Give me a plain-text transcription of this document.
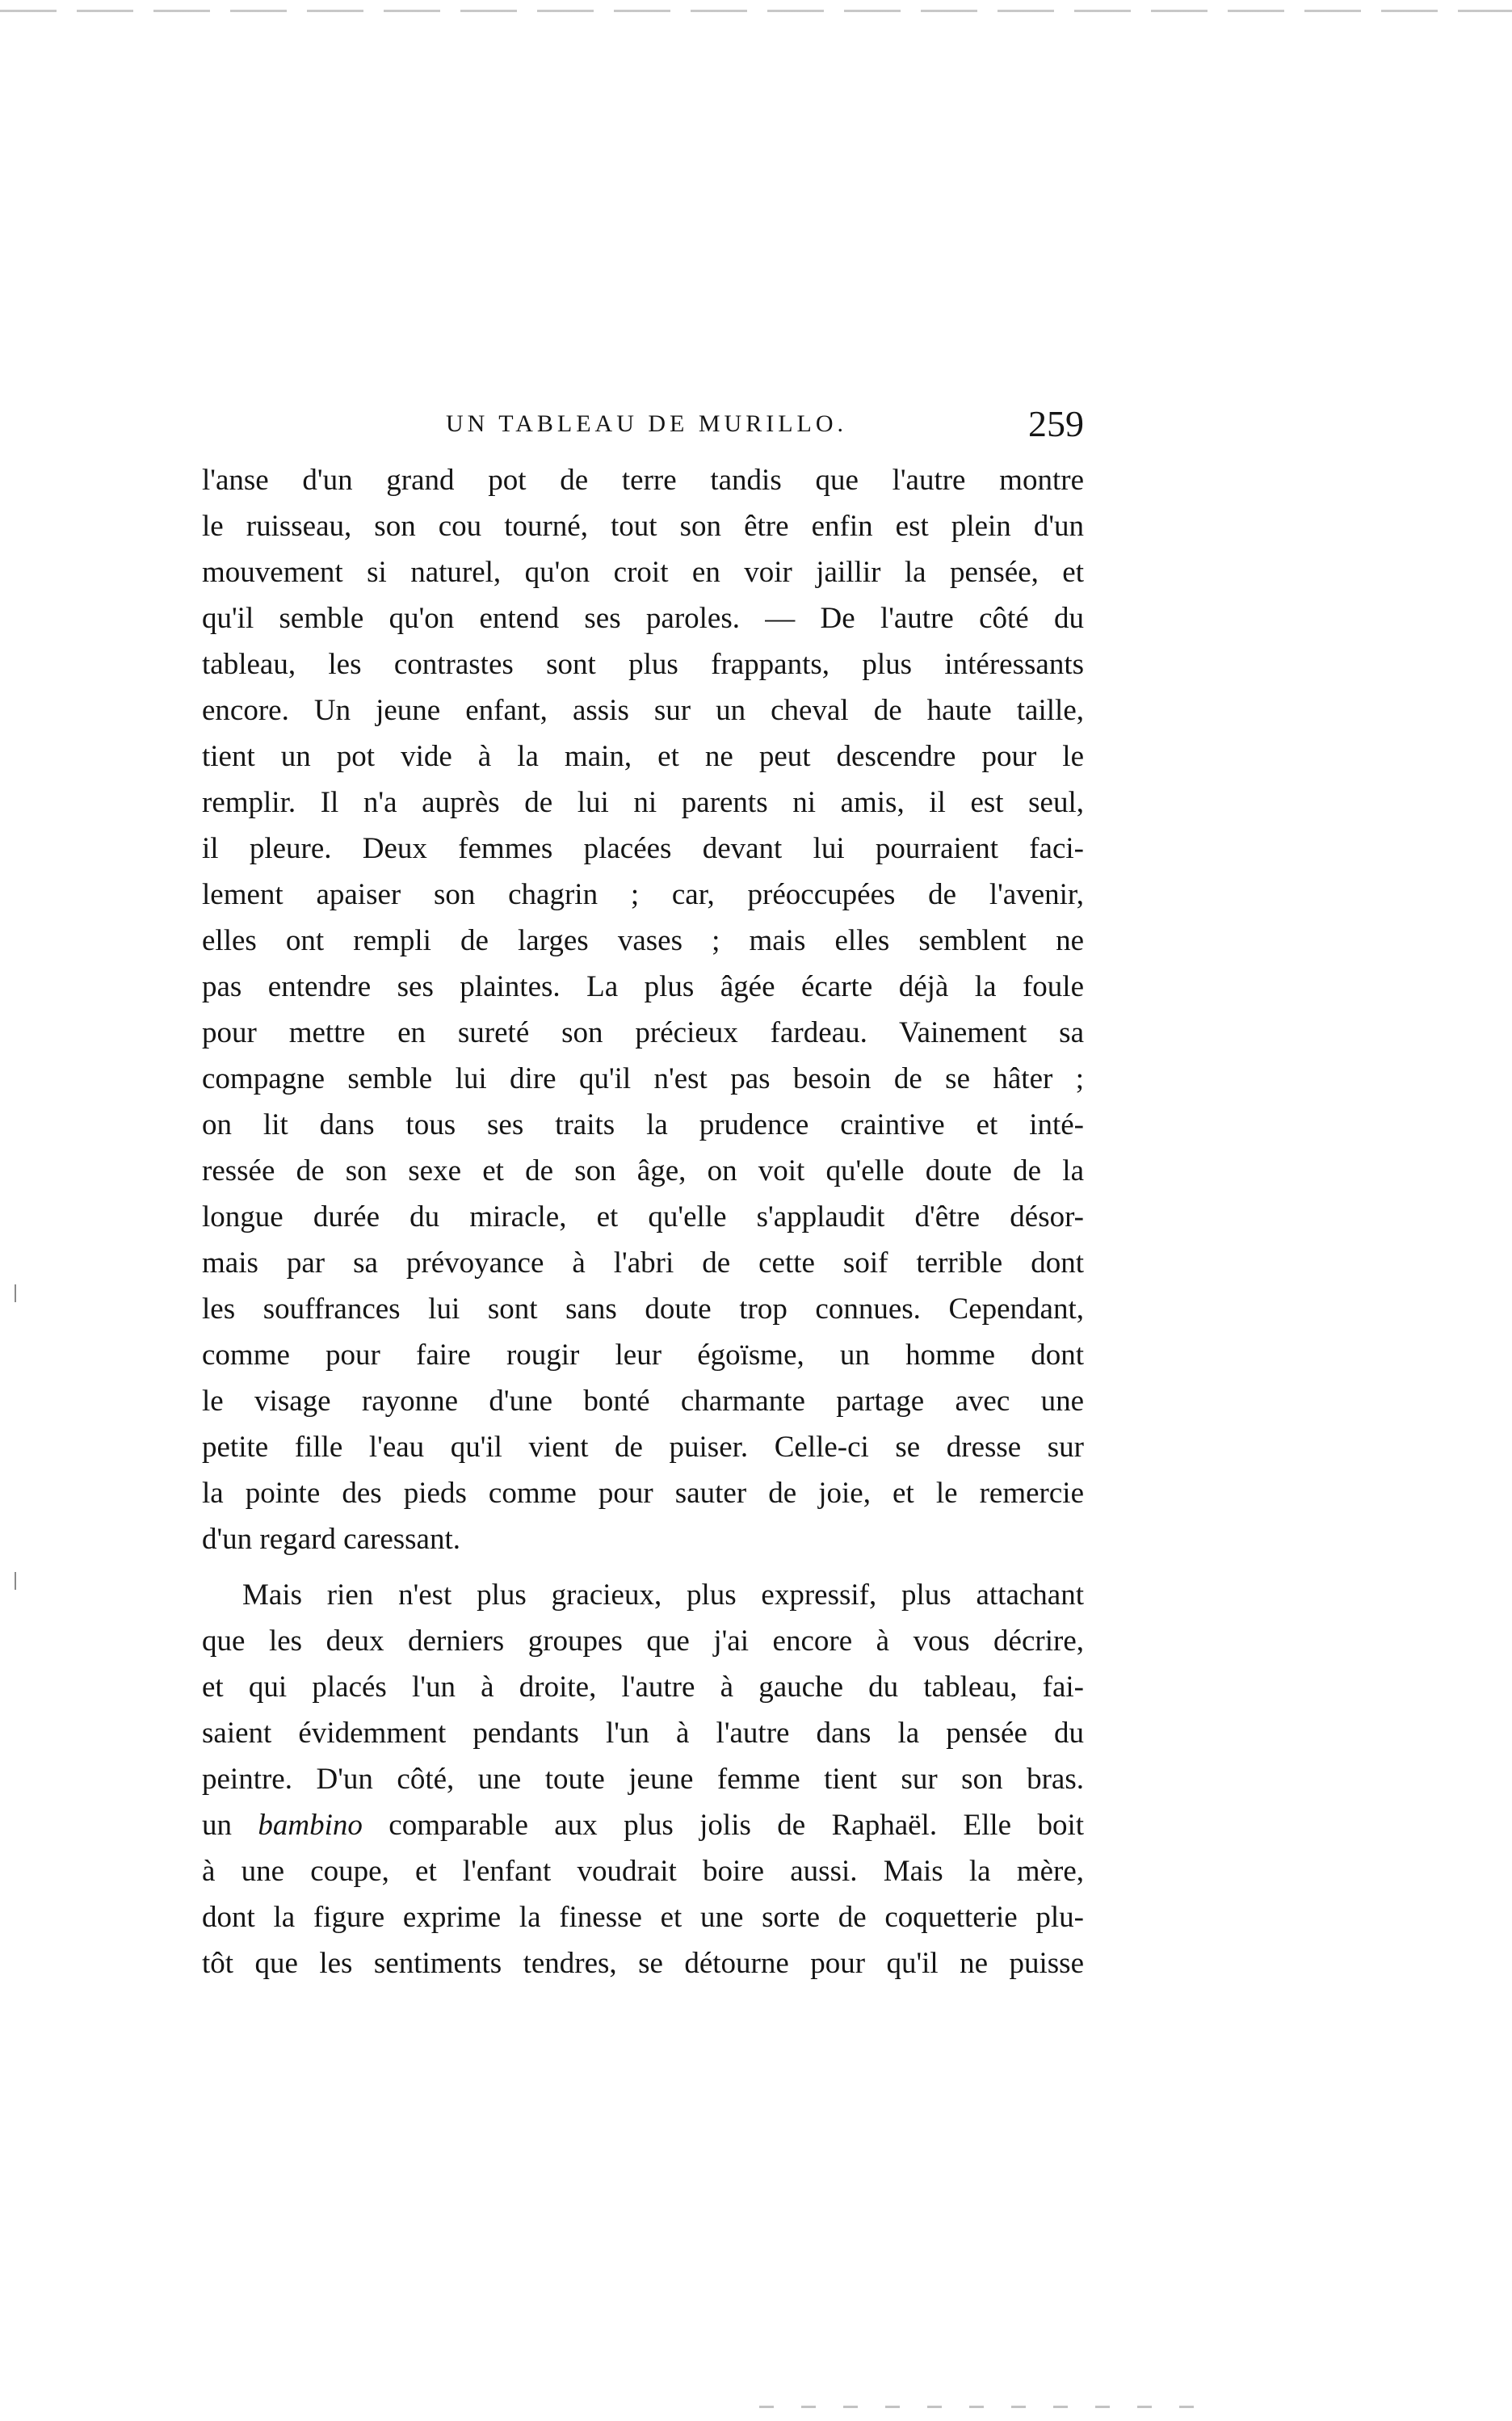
UN TABLEAU DE MURILLO.	259
l'anse d'un grand pot de terre tandis que l'autre montre
le ruisseau, son cou tourné, tout son être enfin est plein d'un
mouvement si naturel, qu'on croit en voir jaillir la pensée, et
qu'il semble qu'on entend ses paroles. — De l'autre côté du
tableau, les contrastes sont plus frappants, plus intéressants
encore. Un jeune enfant, assis sur un cheval de haute taille,
tient un pot vide à la main, et ne peut descendre pour le
remplir. Il n'a auprès de lui ni parents ni amis, il est seul,
il pleure. Deux femmes placées devant lui pourraient faci-
lement apaiser son chagrin ; car, préoccupées de l'avenir,
elles ont rempli de larges vases ; mais elles semblent ne
pas entendre ses plaintes. La plus âgée écarte déjà la foule
pour mettre en sureté son précieux fardeau. Vainement sa
compagne semble lui dire qu'il n'est pas besoin de se hâter ;
on lit dans tous ses traits la prudence craintive et inté-
ressée de son sexe et de son âge, on voit qu'elle doute de la
longue durée du miracle, et qu'elle s'applaudit d'être désor-
mais par sa prévoyance à l'abri de cette soif terrible dont
les souffrances lui sont sans doute trop connues. Cependant,
comme pour faire rougir leur égoïsme, un homme dont
le visage rayonne d'une bonté charmante partage avec une
petite fille l'eau qu'il vient de puiser. Celle-ci se dresse sur
la pointe des pieds comme pour sauter de joie, et le remercie
d'un regard caressant.
Mais rien n'est plus gracieux, plus expressif, plus attachant
que les deux derniers groupes que j'ai encore à vous décrire,
et qui placés l'un à droite, l'autre à gauche du tableau, fai-
saient évidemment pendants l'un à l'autre dans la pensée du
peintre. D'un côté, une toute jeune femme tient sur son bras.
un bambino comparable aux plus jolis de Raphaël. Elle boit
à une coupe, et l'enfant voudrait boire aussi. Mais la mère,
dont la figure exprime la finesse et une sorte de coquetterie plu-
tôt que les sentiments tendres, se détourne pour qu'il ne puisse
